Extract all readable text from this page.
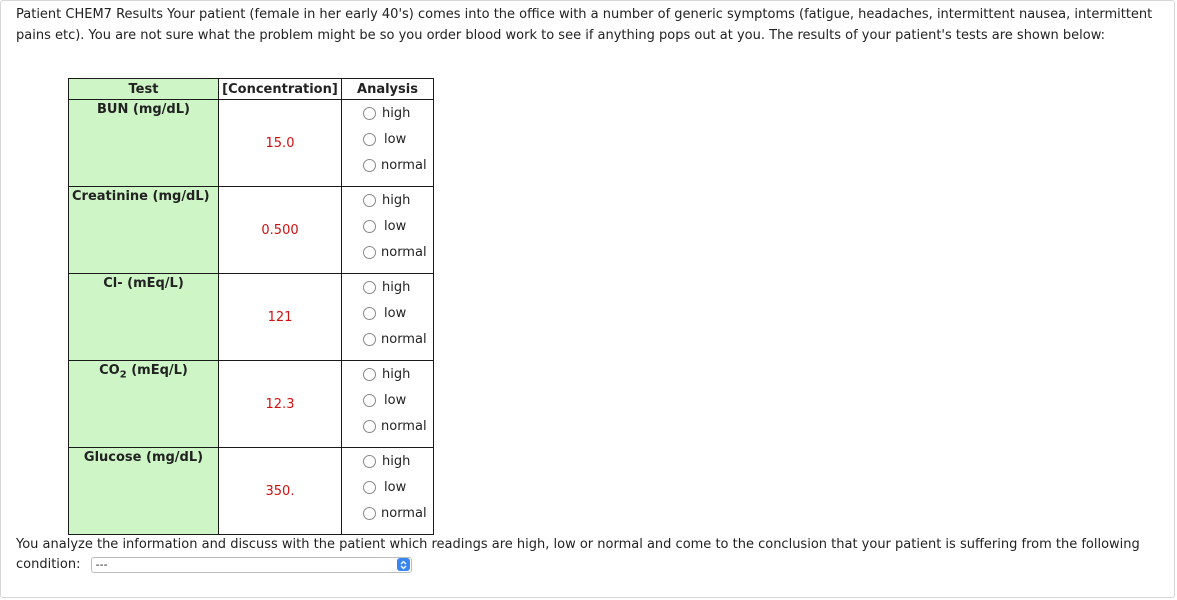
Patient CHEM7 Results Your patient (female in her early 40's) comes into the office with a number of generic symptoms (fatigue, headaches, intermittent nausea, intermittent pains etc). You are not sure what the problem might be so you order blood work to see if anything pops out at you. The results of your patient's tests are shown below:
Test	[Concentration]	Analysis
BUN (mg/dL)	15.0	high
low
normal

Creatinine (mg/dL)	0.500	high
low
normal

Cl- (mEq/L)	121	high
low
normal

$CO_2$ (mEq/L)	12.3	high
low
normal

Glucose (mg/dL)	350.	high
low
normal
You analyze the information and discuss with the patient which readings are high, low or normal and come to the conclusion that your patient is suffering from the following condition: ---
